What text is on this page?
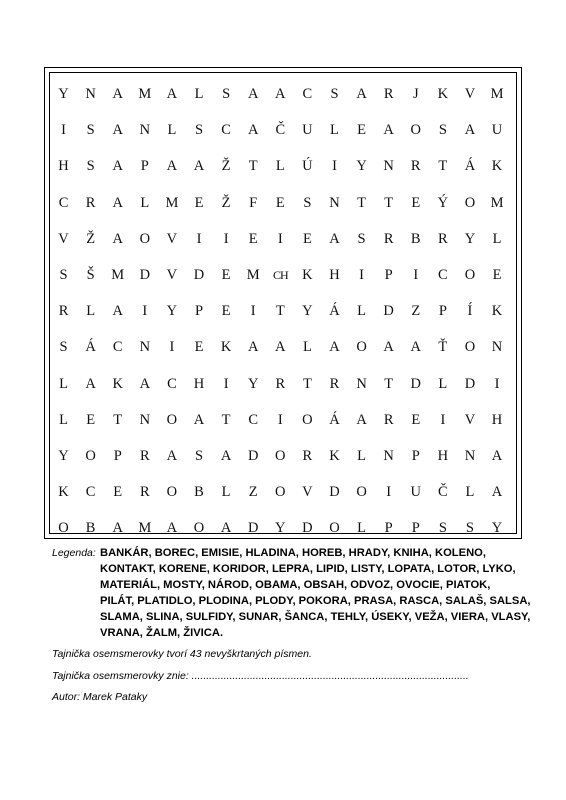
Y	N	A	M	A	L	S	A	A	C	S	A	R	J	K	V	M
I	S	A	N	L	S	C	A	Č	U	L	E	A	O	S	A	U
H	S	A	P	A	A	Ž	T	L	Ú	I	Y	N	R	T	Á	K
C	R	A	L	M	E	Ž	F	E	S	N	T	T	E	Ý	O	M
V	Ž	A	O	V	I	I	E	I	E	A	S	R	B	R	Y	L
S	Š	M	D	V	D	E	M	CH	K	H	I	P	I	C	O	E
R	L	A	I	Y	P	E	I	T	Y	Á	L	D	Z	P	Í	K
S	Á	C	N	I	E	K	A	A	L	A	O	A	A	Ť	O	N
L	A	K	A	C	H	I	Y	R	T	R	N	T	D	L	D	I
L	E	T	N	O	A	T	C	I	O	Á	A	R	E	I	V	H
Y	O	P	R	A	S	A	D	O	R	K	L	N	P	H	N	A
K	C	E	R	O	B	L	Z	O	V	D	O	I	U	Č	L	A
O	B	A	M	A	O	A	D	Y	D	O	L	P	P	S	S	Y
Legenda: BANKÁR, BOREC, EMISIE, HLADINA, HOREB, HRADY, KNIHA, KOLENO,
KONTAKT, KORENE, KORIDOR, LEPRA, LIPID, LISTY, LOPATA, LOTOR, LYKO,
MATERIÁL, MOSTY, NÁROD, OBAMA, OBSAH, ODVOZ, OVOCIE, PIATOK,
PILÁT, PLATIDLO, PLODINA, PLODY, POKORA, PRASA, RASCA, SALAŠ, SALSA,
SLAMA, SLINA, SULFIDY, SUNAR, ŠANCA, TEHLY, ÚSEKY, VEŽA, VIERA, VLASY,
VRANA, ŽALM, ŽIVICA.
Tajnička osemsmerovky tvorí 43 nevyškrtaných písmen.
Tajnička osemsmerovky znie: ...............................................................................................
Autor: Marek Pataky
